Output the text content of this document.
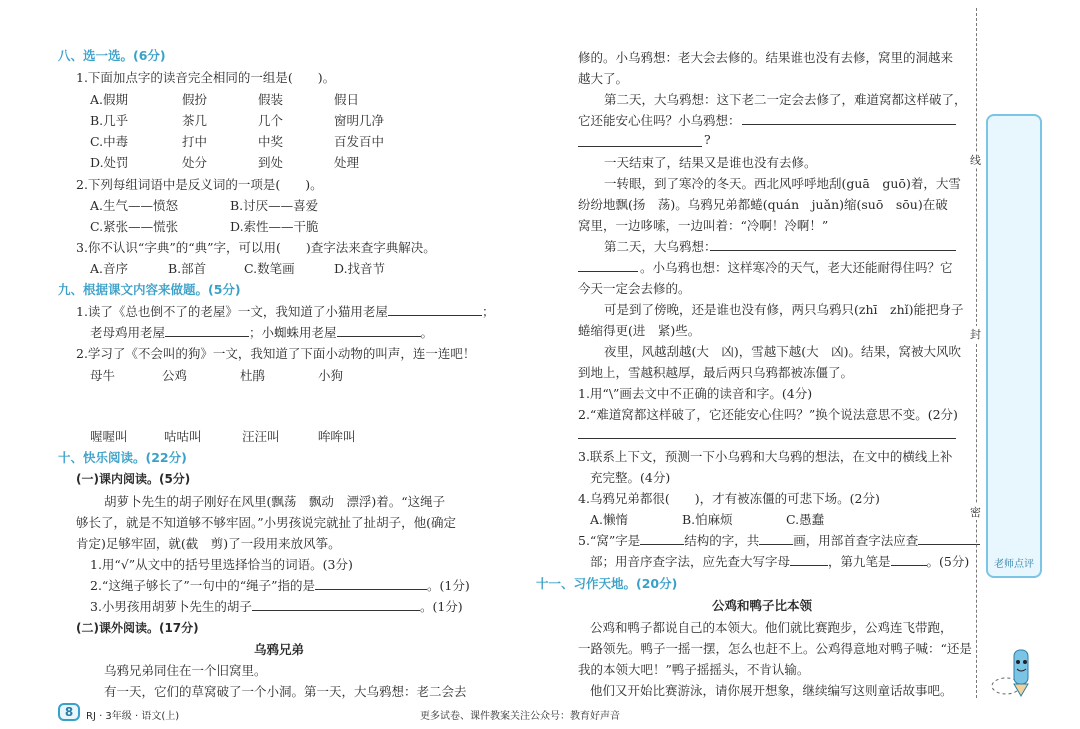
八、选一选。(6分)
1.下面加点字的读音完全相同的一组是(　　)。
A.假期	假扮	假装	假日
B.几乎	茶几	几个	窗明几净
C.中毒	打中	中奖	百发百中
D.处罚	处分	到处	处理
2.下列每组词语中是反义词的一项是(　　)。
A.生气——愤怒	B.讨厌——喜爱
C.紧张——慌张	D.索性——干脆
3.你不认识“字典”的“典”字，可以用(　　)查字法来查字典解决。
A.音序	B.部首	C.数笔画	D.找音节
九、根据课文内容来做题。(5分)
1.读了《总也倒不了的老屋》一文，我知道了小猫用老屋	；
老母鸡用老屋	；小蜘蛛用老屋	。
2.学习了《不会叫的狗》一文，我知道了下面小动物的叫声，连一连吧！
母牛	公鸡	杜鹃	小狗
喔喔叫	咕咕叫	汪汪叫	哞哞叫
十、快乐阅读。(22分)
(一)课内阅读。(5分)
胡萝卜先生的胡子刚好在风里(飘荡　飘动　漂浮)着。“这绳子
够长了，就是不知道够不够牢固。”小男孩说完就扯了扯胡子，他(确定
肯定)足够牢固，就(截　剪)了一段用来放风筝。
1.用“√”从文中的括号里选择恰当的词语。(3分)
2.“这绳子够长了”一句中的“绳子”指的是	。(1分)
3.小男孩用胡萝卜先生的胡子	。(1分)
(二)课外阅读。(17分)
乌鸦兄弟
乌鸦兄弟同住在一个旧窝里。
有一天，它们的草窝破了一个小洞。第一天，大乌鸦想：老二会去
修的。小乌鸦想：老大会去修的。结果谁也没有去修，窝里的洞越来
越大了。
第二天，大乌鸦想：这下老二一定会去修了，难道窝都这样破了，
它还能安心住吗？小乌鸦想：
?
一天结束了，结果又是谁也没有去修。
一转眼，到了寒冷的冬天。西北风呼呼地刮(guā　guō)着，大雪
纷纷地飘(扬　荡)。乌鸦兄弟都蜷(quán　juǎn)缩(suō　sōu)在破
窝里，一边哆嗦，一边叫着：“冷啊！冷啊！”
第二天，大乌鸦想：
。小乌鸦也想：这样寒冷的天气，老大还能耐得住吗？它
今天一定会去修的。
可是到了傍晚，还是谁也没有修，两只乌鸦只(zhī　zhǐ)能把身子
蜷缩得更(进　紧)些。
夜里，风越刮越(大　凶)，雪越下越(大　凶)。结果，窝被大风吹
到地上，雪越积越厚，最后两只乌鸦都被冻僵了。
1.用“\”画去文中不正确的读音和字。(4分)
2.“难道窝都这样破了，它还能安心住吗？”换个说法意思不变。(2分)
3.联系上下文，预测一下小乌鸦和大乌鸦的想法，在文中的横线上补
充完整。(4分)
4.乌鸦兄弟都很(　　)，才有被冻僵的可悲下场。(2分)
A.懒惰	B.怕麻烦	C.愚蠢
5.“窝”字是	结构的字，共	画，用部首查字法应查
部；用音序查字法，应先查大写字母	，第九笔是	。(5分)
十一、习作天地。(20分)
公鸡和鸭子比本领
公鸡和鸭子都说自己的本领大。他们就比赛跑步，公鸡连飞带跑，
一路领先。鸭子一摇一摆，怎么也赶不上。公鸡得意地对鸭子喊：“还是
我的本领大吧！”鸭子摇摇头，不肯认输。
他们又开始比赛游泳，请你展开想象，继续编写这则童话故事吧。
线
封
密
老师点评
8	RJ · 3年级 · 语文(上)	更多试卷、课件教案关注公众号：教育好声音
